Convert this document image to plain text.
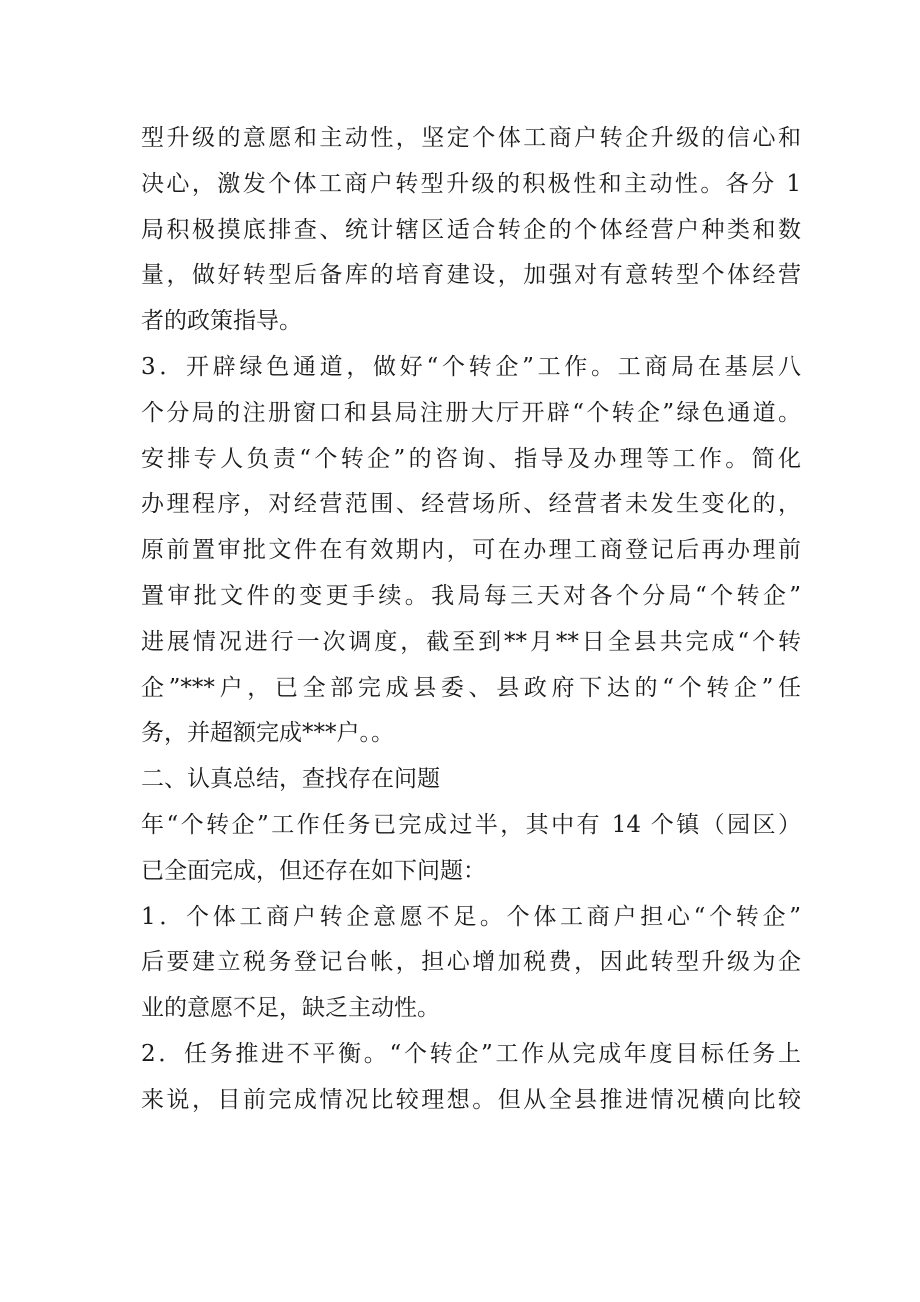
型升级的意愿和主动性，坚定个体工商户转企升级的信心和
决心，激发个体工商户转型升级的积极性和主动性。各分 1
局积极摸底排查、统计辖区适合转企的个体经营户种类和数
量，做好转型后备库的培育建设，加强对有意转型个体经营
者的政策指导。
3．开辟绿色通道，做好“个转企”工作。工商局在基层八
个分局的注册窗口和县局注册大厅开辟“个转企”绿色通道。
安排专人负责“个转企”的咨询、指导及办理等工作。简化
办理程序，对经营范围、经营场所、经营者未发生变化的，
原前置审批文件在有效期内，可在办理工商登记后再办理前
置审批文件的变更手续。我局每三天对各个分局“个转企”
进展情况进行一次调度，截至到**月**日全县共完成“个转
企”***户，已全部完成县委、县政府下达的“个转企”任
务，并超额完成***户。。
二、认真总结，查找存在问题
年“个转企”工作任务已完成过半，其中有 14 个镇（园区）
已全面完成，但还存在如下问题：
1．个体工商户转企意愿不足。个体工商户担心“个转企”
后要建立税务登记台帐，担心增加税费，因此转型升级为企
业的意愿不足，缺乏主动性。
2．任务推进不平衡。“个转企”工作从完成年度目标任务上
来说，目前完成情况比较理想。但从全县推进情况横向比较
